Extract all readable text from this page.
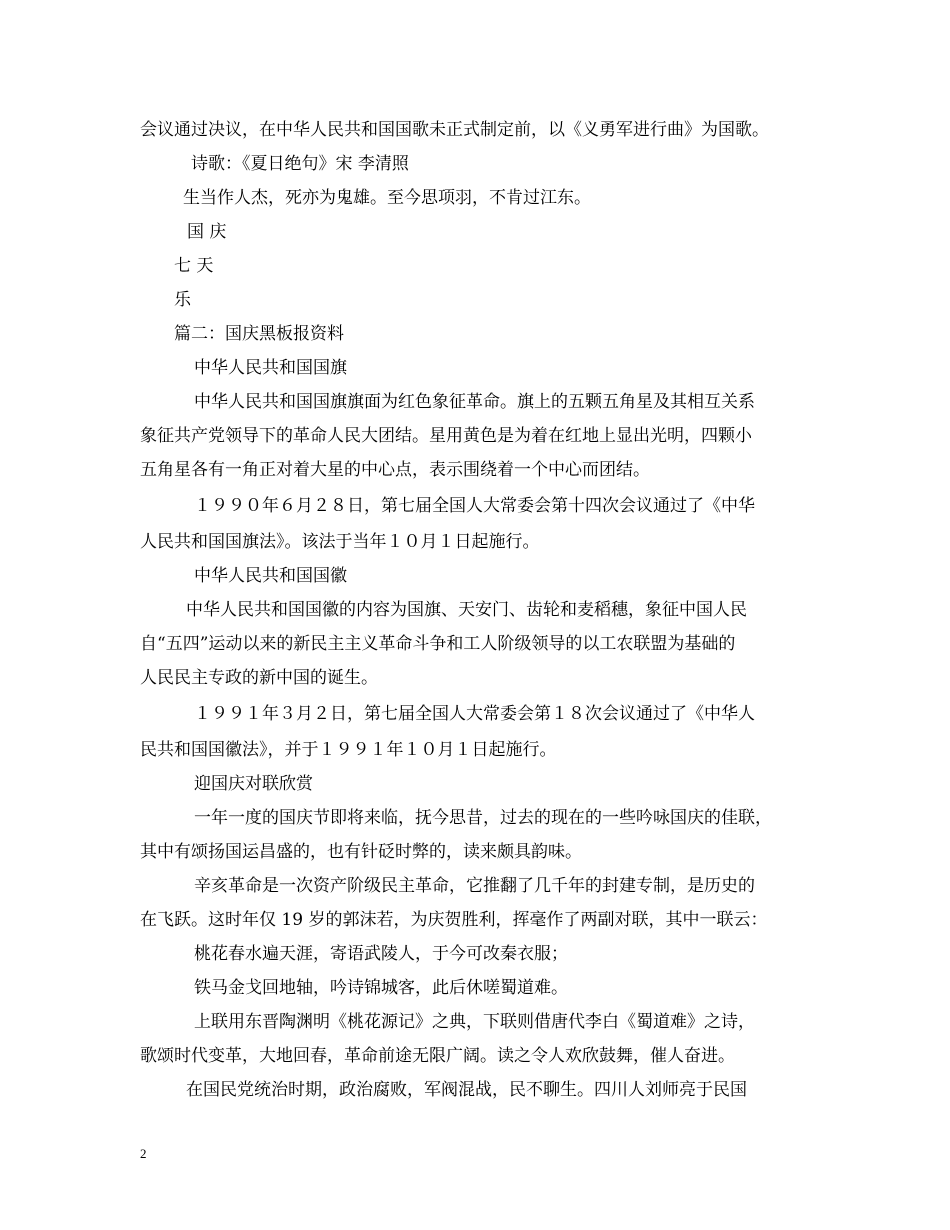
会议通过决议，在中华人民共和国国歌未正式制定前，以《义勇军进行曲》为国歌。
诗歌：《夏日绝句》宋 李清照
生当作人杰，死亦为鬼雄。至今思项羽，不肯过江东。
国 庆
七 天
乐
篇二：国庆黑板报资料
中华人民共和国国旗
中华人民共和国国旗旗面为红色象征革命。旗上的五颗五角星及其相互关系
象征共产党领导下的革命人民大团结。星用黄色是为着在红地上显出光明，四颗小
五角星各有一角正对着大星的中心点，表示围绕着一个中心而团结。
１９９０年６月２８日，第七届全国人大常委会第十四次会议通过了《中华
人民共和国国旗法》。该法于当年１０月１日起施行。
中华人民共和国国徽
中华人民共和国国徽的内容为国旗、天安门、齿轮和麦稻穗，象征中国人民
自“五四”运动以来的新民主主义革命斗争和工人阶级领导的以工农联盟为基础的
人民民主专政的新中国的诞生。
１９９１年３月２日，第七届全国人大常委会第１８次会议通过了《中华人
民共和国国徽法》，并于１９９１年１０月１日起施行。
迎国庆对联欣赏
一年一度的国庆节即将来临，抚今思昔，过去的现在的一些吟咏国庆的佳联，
其中有颂扬国运昌盛的，也有针砭时弊的，读来颇具韵味。
辛亥革命是一次资产阶级民主革命，它推翻了几千年的封建专制，是历史的
在飞跃。这时年仅 19 岁的郭沫若，为庆贺胜利，挥毫作了两副对联，其中一联云：
桃花春水遍天涯，寄语武陵人，于今可改秦衣服；
铁马金戈回地轴，吟诗锦城客，此后休嗟蜀道难。
上联用东晋陶渊明《桃花源记》之典，下联则借唐代李白《蜀道难》之诗，
歌颂时代变革，大地回春，革命前途无限广阔。读之令人欢欣鼓舞，催人奋进。
在国民党统治时期，政治腐败，军阀混战，民不聊生。四川人刘师亮于民国
2
